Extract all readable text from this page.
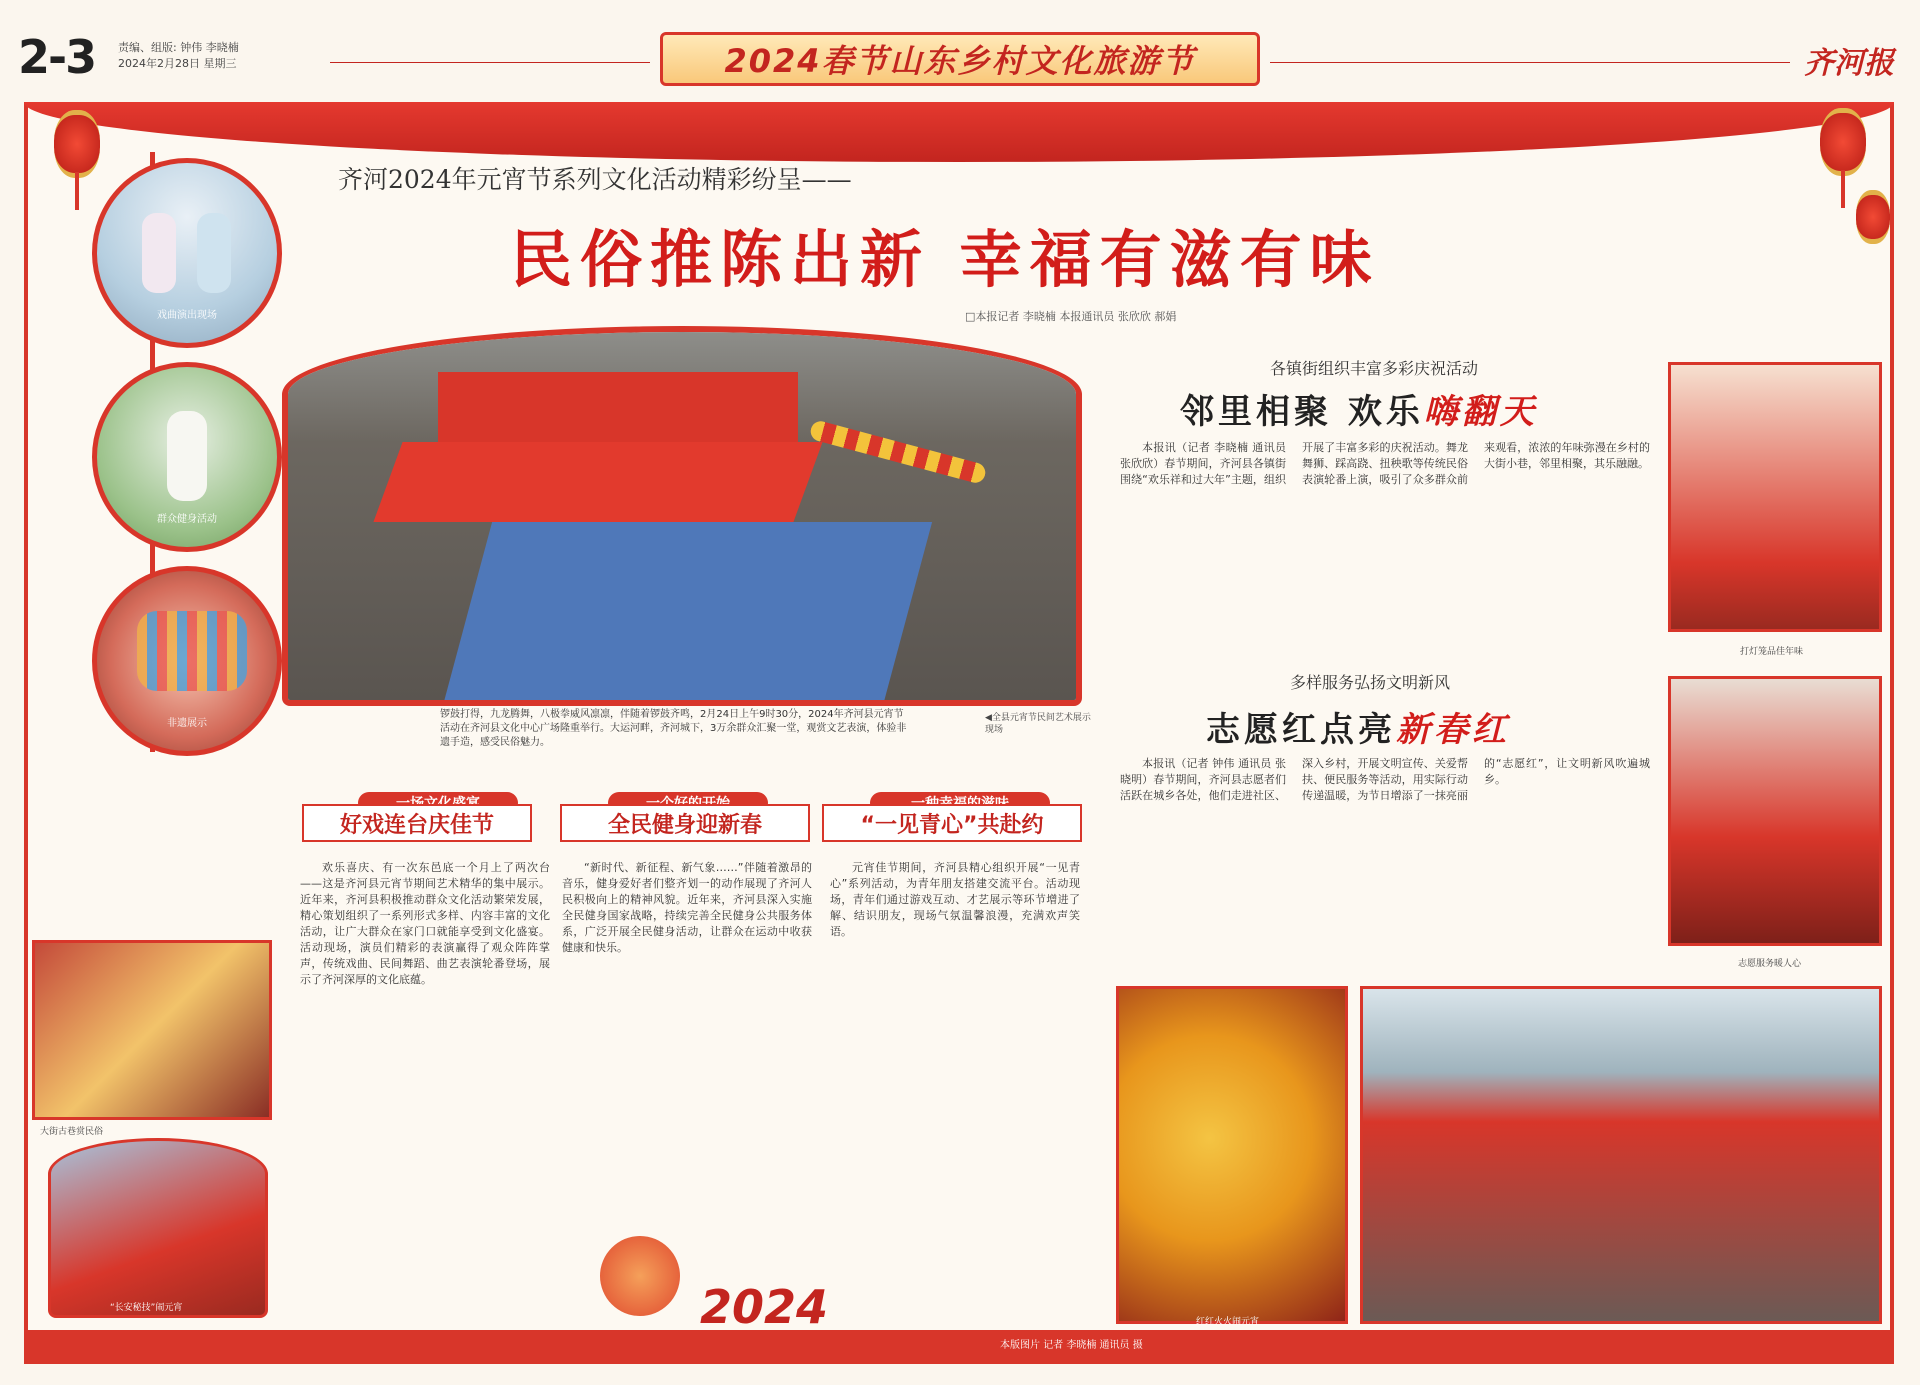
2-3 责编、组版: 钟伟 李晓楠
2024年2月28日 星期三	2024春节山东乡村文化旅游节	齐河报
戏曲演出现场
群众健身活动
非遗展示
齐河2024年元宵节系列文化活动精彩纷呈——
民俗推陈出新 幸福有滋有味
□本报记者 李晓楠 本报通讯员 张欣欣 郝娟
锣鼓打得，九龙腾舞，八极拳威风凛凛，伴随着锣鼓齐鸣，2月24日上午9时30分，2024年齐河县元宵节活动在齐河县文化中心广场隆重举行。大运河畔，齐河城下，3万余群众汇聚一堂，观赏文艺表演，体验非遗手造，感受民俗魅力。
◀全县元宵节民间艺术展示现场
好戏连台庆佳节	全民健身迎新春	“一见青心”共赴约

欢乐喜庆、有一次东邑底一个月上了两次台——这是齐河县元宵节期间艺术精华的集中展示。近年来，齐河县积极推动群众文化活动繁荣发展，精心策划组织了一系列形式多样、内容丰富的文化活动，让广大群众在家门口就能享受到文化盛宴。活动现场，演员们精彩的表演赢得了观众阵阵掌声，传统戏曲、民间舞蹈、曲艺表演轮番登场，展示了齐河深厚的文化底蕴。

“新时代、新征程、新气象……”伴随着激昂的音乐，健身爱好者们整齐划一的动作展现了齐河人民积极向上的精神风貌。近年来，齐河县深入实施全民健身国家战略，持续完善全民健身公共服务体系，广泛开展全民健身活动，让群众在运动中收获健康和快乐。

元宵佳节期间，齐河县精心组织开展“一见青心”系列活动，为青年朋友搭建交流平台。活动现场，青年们通过游戏互动、才艺展示等环节增进了解、结识朋友，现场气氛温馨浪漫，充满欢声笑语。

大街古巷赏民俗
“长安秘技”闹元宵	2024
各镇街组织丰富多彩庆祝活动
邻里相聚 欢乐嗨翻天

本报讯（记者 李晓楠 通讯员 张欣欣）春节期间，齐河县各镇街围绕“欢乐祥和过大年”主题，组织开展了丰富多彩的庆祝活动。舞龙舞狮、踩高跷、扭秧歌等传统民俗表演轮番上演，吸引了众多群众前来观看，浓浓的年味弥漫在乡村的大街小巷，邻里相聚，其乐融融。

打灯笼品佳年味
多样服务弘扬文明新风
志愿红点亮新春红

本报讯（记者 钟伟 通讯员 张晓明）春节期间，齐河县志愿者们活跃在城乡各处，他们走进社区、深入乡村，开展文明宣传、关爱帮扶、便民服务等活动，用实际行动传递温暖，为节日增添了一抹亮丽的“志愿红”，让文明新风吹遍城乡。

志愿服务暖人心
红红火火闹元宵
本版图片 记者 李晓楠 通讯员 摄
